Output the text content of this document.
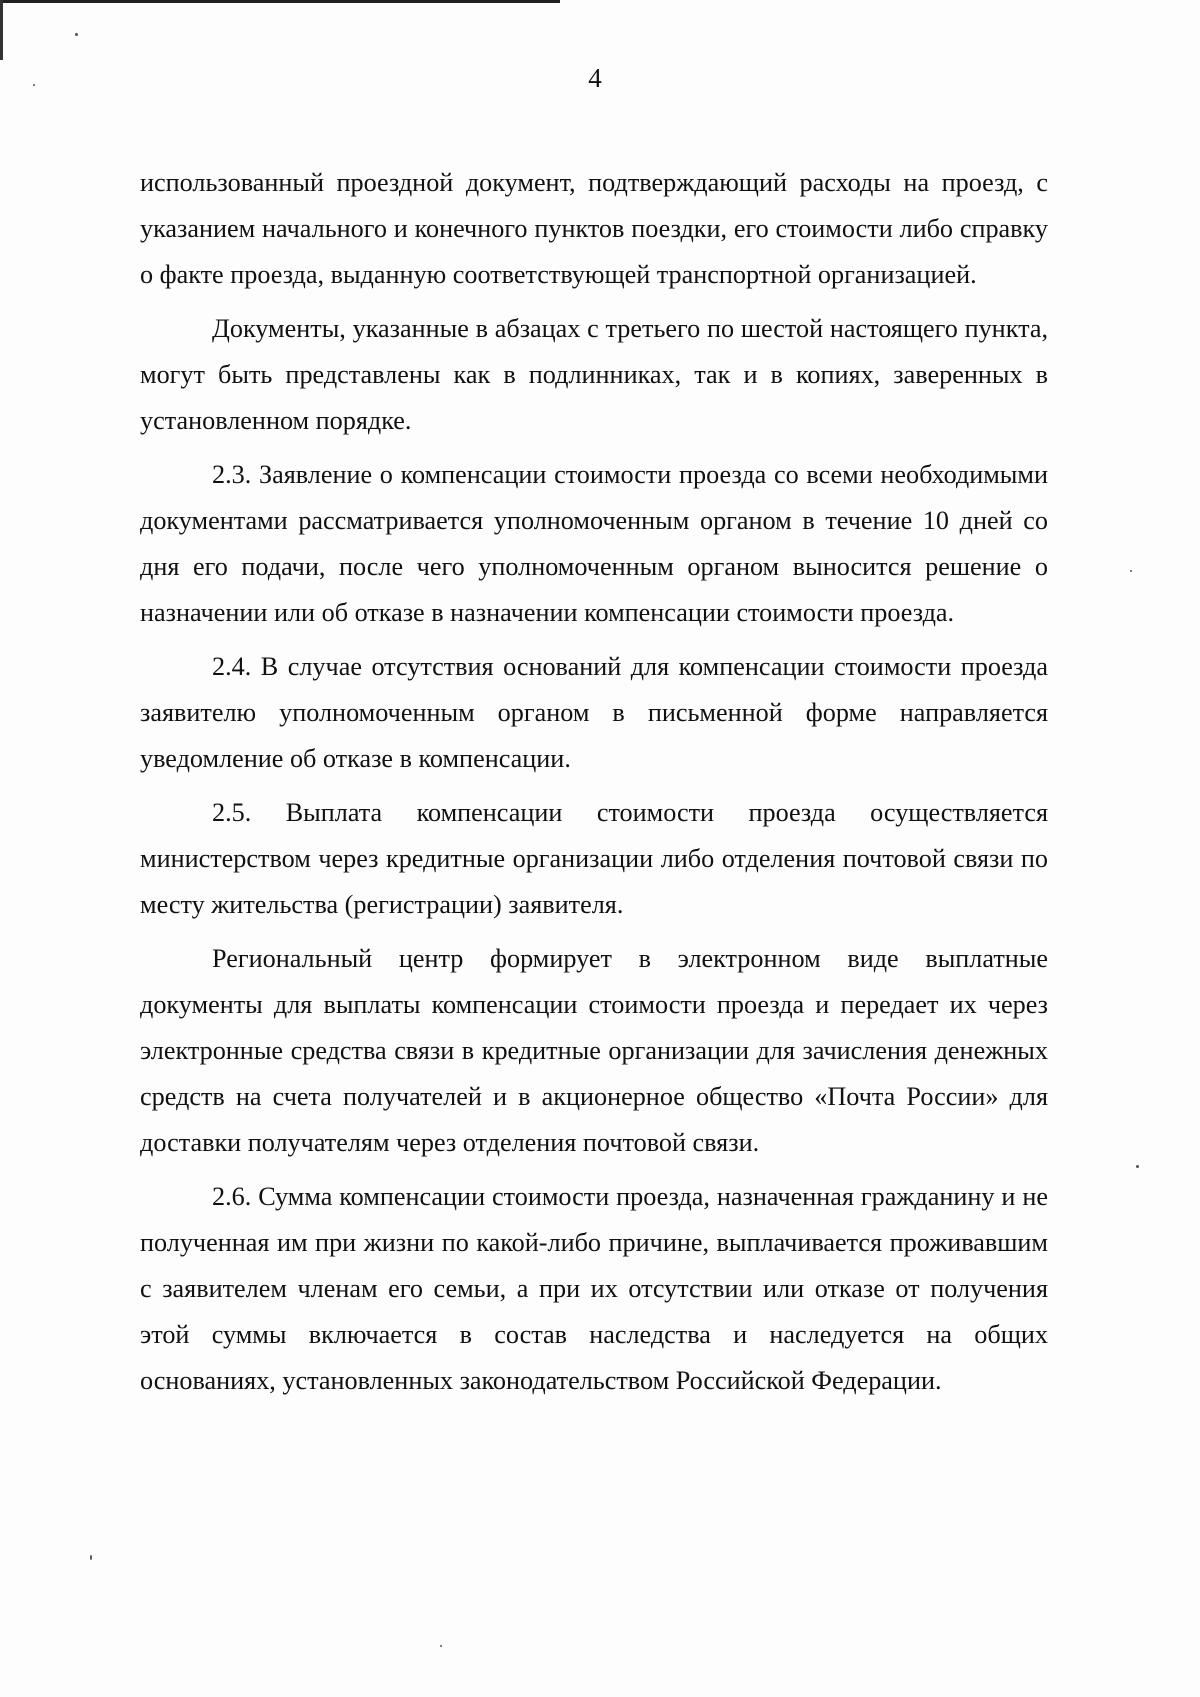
4

использованный проездной документ, подтверждающий расходы на проезд, с указанием начального и конечного пунктов поездки, его стоимости либо справку о факте проезда, выданную соответствующей транспортной организацией.

Документы, указанные в абзацах с третьего по шестой настоящего пункта, могут быть представлены как в подлинниках, так и в копиях, заверенных в установленном порядке.

2.3. Заявление о компенсации стоимости проезда со всеми необходимыми документами рассматривается уполномоченным органом в течение 10 дней со дня его подачи, после чего уполномоченным органом выносится решение о назначении или об отказе в назначении компенсации стоимости проезда.

2.4. В случае отсутствия оснований для компенсации стоимости проезда заявителю уполномоченным органом в письменной форме направляется уведомление об отказе в компенсации.

2.5. Выплата компенсации стоимости проезда осуществляется министерством через кредитные организации либо отделения почтовой связи по месту жительства (регистрации) заявителя.

Региональный центр формирует в электронном виде выплатные документы для выплаты компенсации стоимости проезда и передает их через электронные средства связи в кредитные организации для зачисления денежных средств на счета получателей и в акционерное общество «Почта России» для доставки получателям через отделения почтовой связи.

2.6. Сумма компенсации стоимости проезда, назначенная гражданину и не полученная им при жизни по какой-либо причине, выплачивается проживавшим с заявителем членам его семьи, а при их отсутствии или отказе от получения этой суммы включается в состав наследства и наследуется на общих основаниях, установленных законодательством Российской Федерации.
